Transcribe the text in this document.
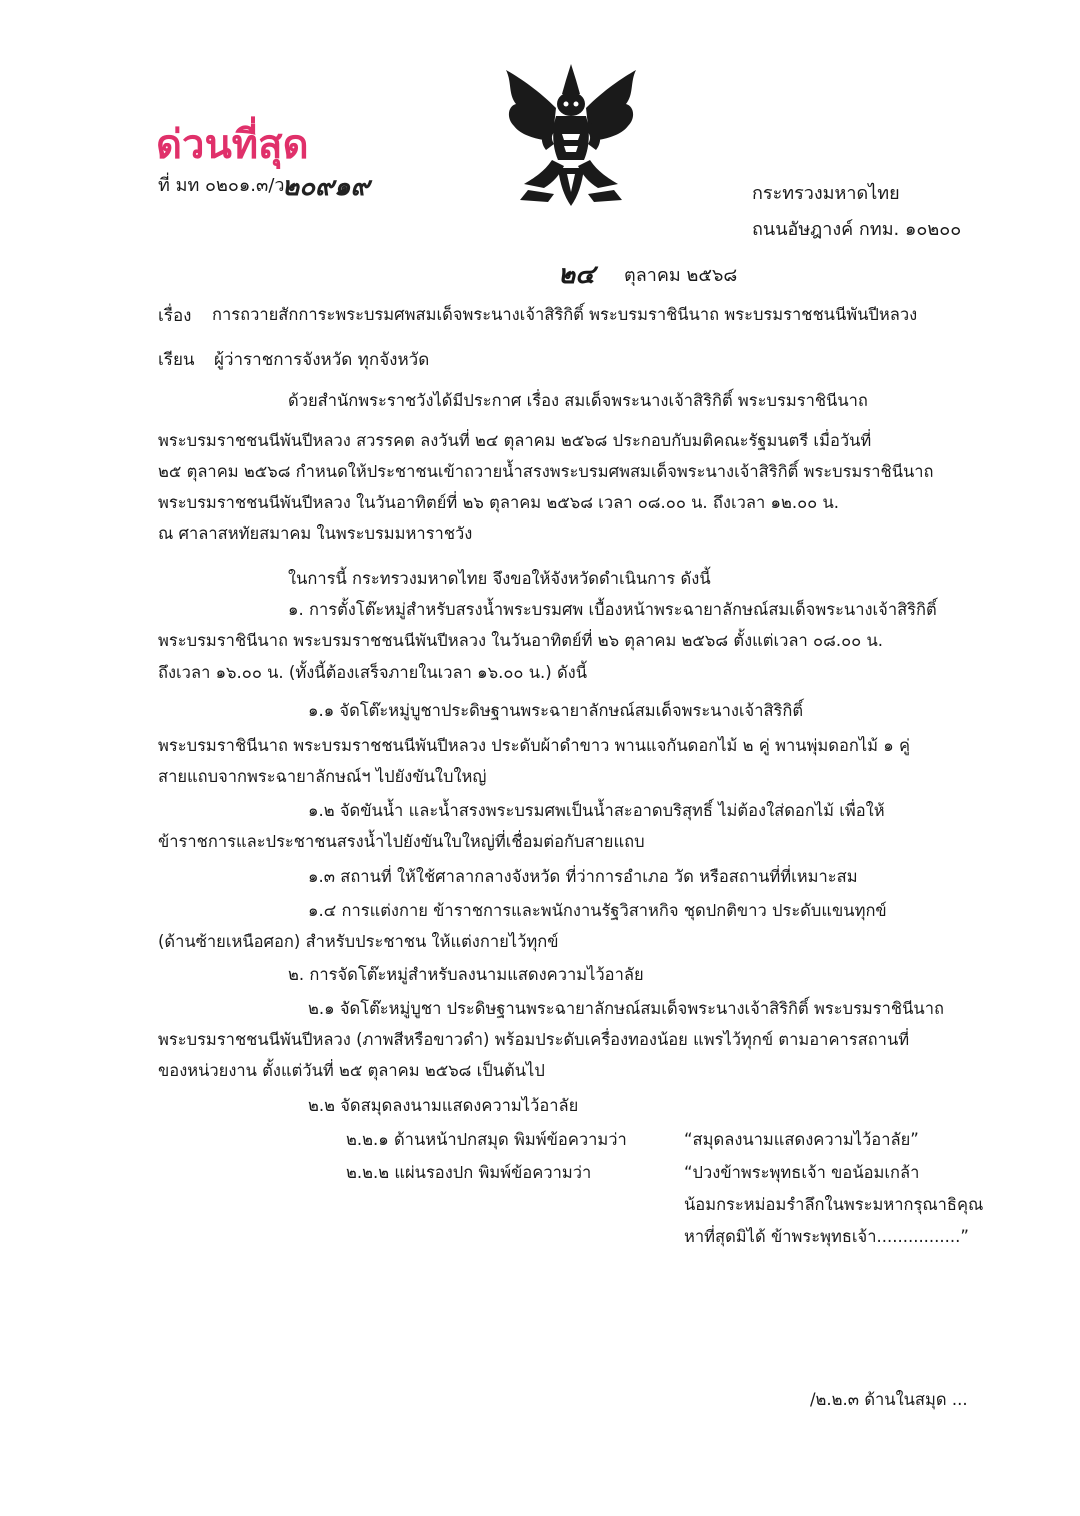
ด่วนที่สุด
ที่ มท ๐๒๐๑.๓/ว
๒๐๙๑๙	กระทรวงมหาดไทย
ถนนอัษฎางค์ กทม. ๑๐๒๐๐
๒๔ ตุลาคม ๒๕๖๘
เรื่อง การถวายสักการะพระบรมศพสมเด็จพระนางเจ้าสิริกิติ์ พระบรมราชินีนาถ พระบรมราชชนนีพันปีหลวง
เรียน ผู้ว่าราชการจังหวัด ทุกจังหวัด
ด้วยสำนักพระราชวังได้มีประกาศ เรื่อง สมเด็จพระนางเจ้าสิริกิติ์ พระบรมราชินีนาถ
พระบรมราชชนนีพันปีหลวง สวรรคต ลงวันที่ ๒๔ ตุลาคม ๒๕๖๘ ประกอบกับมติคณะรัฐมนตรี เมื่อวันที่
๒๕ ตุลาคม ๒๕๖๘ กำหนดให้ประชาชนเข้าถวายน้ำสรงพระบรมศพสมเด็จพระนางเจ้าสิริกิติ์ พระบรมราชินีนาถ
พระบรมราชชนนีพันปีหลวง ในวันอาทิตย์ที่ ๒๖ ตุลาคม ๒๕๖๘ เวลา ๐๘.๐๐ น. ถึงเวลา ๑๒.๐๐ น.
ณ ศาลาสหทัยสมาคม ในพระบรมมหาราชวัง
ในการนี้ กระทรวงมหาดไทย จึงขอให้จังหวัดดำเนินการ ดังนี้
๑. การตั้งโต๊ะหมู่สำหรับสรงน้ำพระบรมศพ เบื้องหน้าพระฉายาลักษณ์สมเด็จพระนางเจ้าสิริกิติ์
พระบรมราชินีนาถ พระบรมราชชนนีพันปีหลวง ในวันอาทิตย์ที่ ๒๖ ตุลาคม ๒๕๖๘ ตั้งแต่เวลา ๐๘.๐๐ น.
ถึงเวลา ๑๖.๐๐ น. (ทั้งนี้ต้องเสร็จภายในเวลา ๑๖.๐๐ น.) ดังนี้
๑.๑ จัดโต๊ะหมู่บูชาประดิษฐานพระฉายาลักษณ์สมเด็จพระนางเจ้าสิริกิติ์
พระบรมราชินีนาถ พระบรมราชชนนีพันปีหลวง ประดับผ้าดำขาว พานแจกันดอกไม้ ๒ คู่ พานพุ่มดอกไม้ ๑ คู่
สายแถบจากพระฉายาลักษณ์ฯ ไปยังขันใบใหญ่
๑.๒ จัดขันน้ำ และน้ำสรงพระบรมศพเป็นน้ำสะอาดบริสุทธิ์ ไม่ต้องใส่ดอกไม้ เพื่อให้
ข้าราชการและประชาชนสรงน้ำไปยังขันใบใหญ่ที่เชื่อมต่อกับสายแถบ
๑.๓ สถานที่ ให้ใช้ศาลากลางจังหวัด ที่ว่าการอำเภอ วัด หรือสถานที่ที่เหมาะสม
๑.๔ การแต่งกาย ข้าราชการและพนักงานรัฐวิสาหกิจ ชุดปกติขาว ประดับแขนทุกข์
(ด้านซ้ายเหนือศอก) สำหรับประชาชน ให้แต่งกายไว้ทุกข์
๒. การจัดโต๊ะหมู่สำหรับลงนามแสดงความไว้อาลัย
๒.๑ จัดโต๊ะหมู่บูชา ประดิษฐานพระฉายาลักษณ์สมเด็จพระนางเจ้าสิริกิติ์ พระบรมราชินีนาถ
พระบรมราชชนนีพันปีหลวง (ภาพสีหรือขาวดำ) พร้อมประดับเครื่องทองน้อย แพรไว้ทุกข์ ตามอาคารสถานที่
ของหน่วยงาน ตั้งแต่วันที่ ๒๕ ตุลาคม ๒๕๖๘ เป็นต้นไป
๒.๒ จัดสมุดลงนามแสดงความไว้อาลัย
๒.๒.๑ ด้านหน้าปกสมุด พิมพ์ข้อความว่า	“สมุดลงนามแสดงความไว้อาลัย”
๒.๒.๒ แผ่นรองปก พิมพ์ข้อความว่า	“ปวงข้าพระพุทธเจ้า ขอน้อมเกล้า
น้อมกระหม่อมรำลึกในพระมหากรุณาธิคุณ
หาที่สุดมิได้ ข้าพระพุทธเจ้า................”
/๒.๒.๓ ด้านในสมุด ...
